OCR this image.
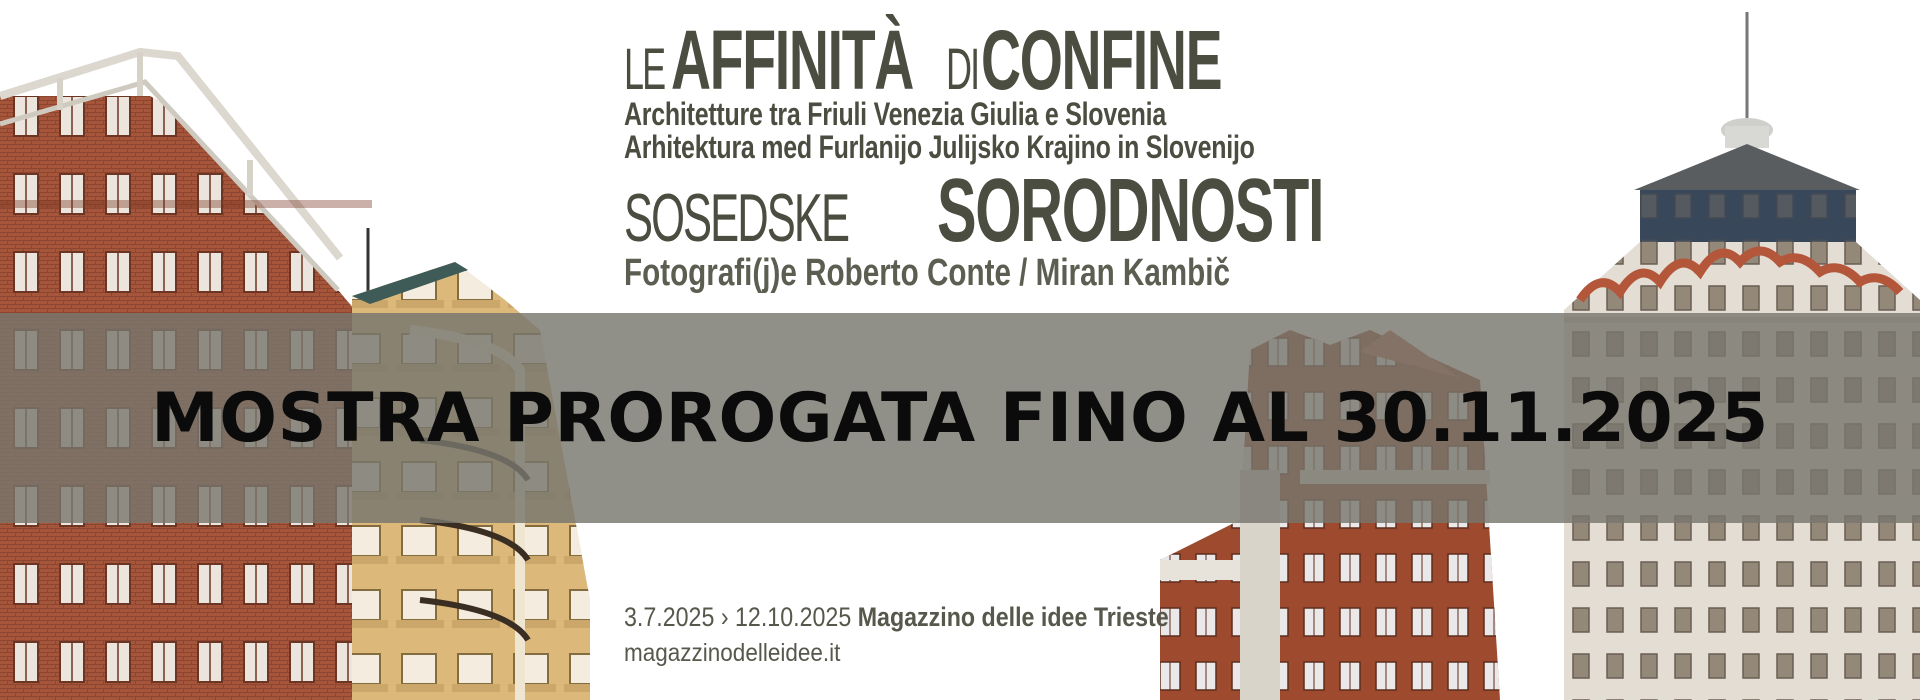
LE AFFINITÀ DI CONFINE
Architetture tra Friuli Venezia Giulia e Slovenia
Arhitektura med Furlanijo Julijsko Krajino in Slovenijo
SOSEDSKE SORODNOSTI
Fotografi(j)e Roberto Conte / Miran Kambič
MOSTRA PROROGATA FINO AL 30.11.2025
3.7.2025 › 12.10.2025 Magazzino delle idee Trieste
magazzinodelleidee.it
